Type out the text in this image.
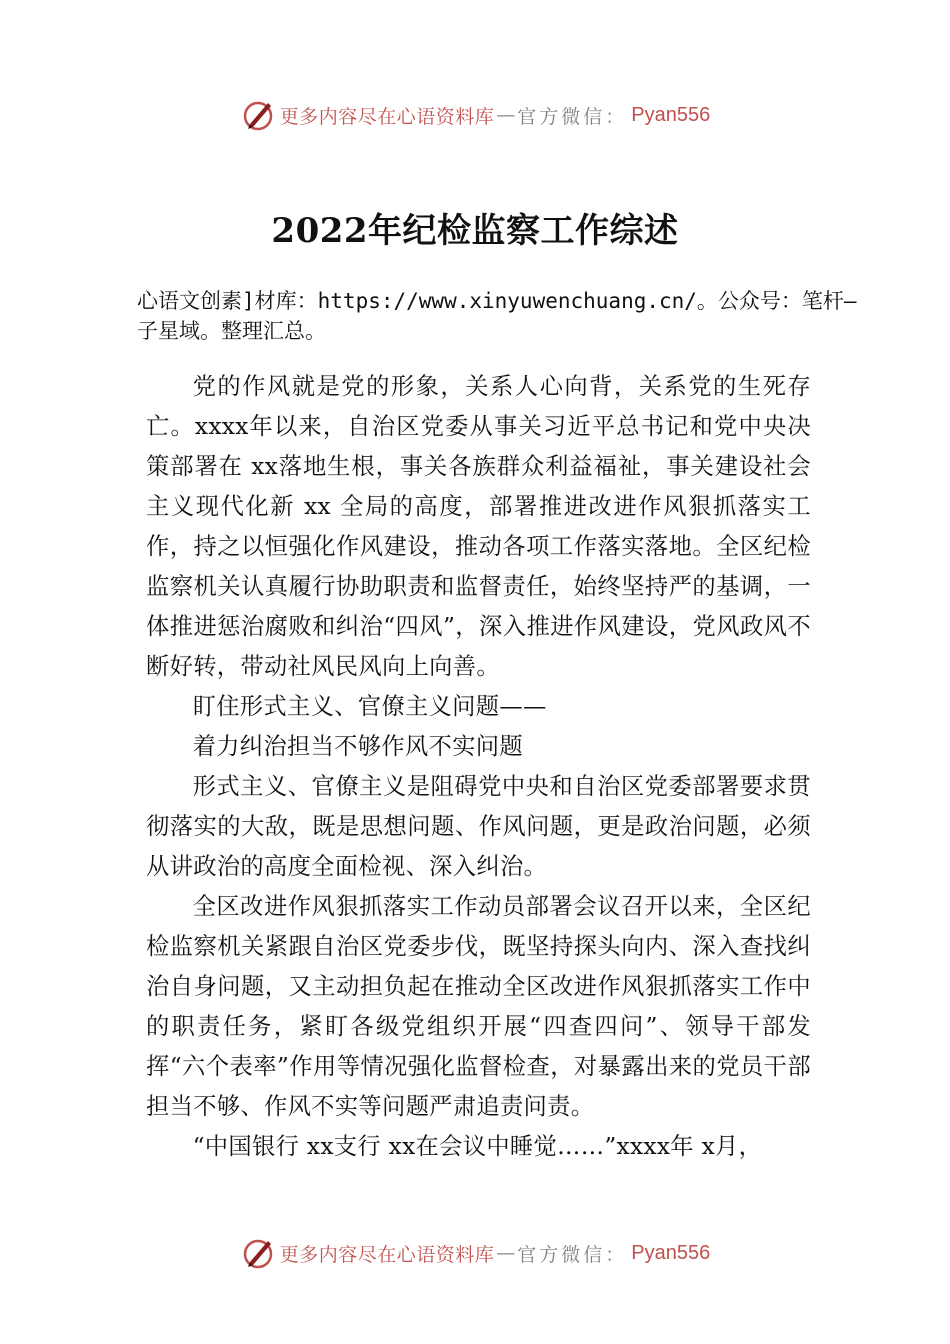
更多内容尽在心语资料库 — 官方微信： Pyan556
2022年纪检监察工作综述
心语文创素]材库：https://www.xinyuwenchuang.cn/。公众号：笔杆—子星域。整理汇总。

党的作风就是党的形象，关系人心向背，关系党的生死存亡。xxxx年以来，自治区党委从事关习近平总书记和党中央决策部署在 xx落地生根，事关各族群众利益福祉，事关建设社会主义现代化新 xx 全局的高度，部署推进改进作风狠抓落实工作，持之以恒强化作风建设，推动各项工作落实落地。全区纪检监察机关认真履行协助职责和监督责任，始终坚持严的基调，一体推进惩治腐败和纠治“四风”，深入推进作风建设，党风政风不断好转，带动社风民风向上向善。

盯住形式主义、官僚主义问题——

着力纠治担当不够作风不实问题

形式主义、官僚主义是阻碍党中央和自治区党委部署要求贯彻落实的大敌，既是思想问题、作风问题，更是政治问题，必须从讲政治的高度全面检视、深入纠治。

全区改进作风狠抓落实工作动员部署会议召开以来，全区纪检监察机关紧跟自治区党委步伐，既坚持探头向内、深入查找纠治自身问题，又主动担负起在推动全区改进作风狠抓落实工作中的职责任务，紧盯各级党组织开展“四查四问”、领导干部发挥“六个表率”作用等情况强化监督检查，对暴露出来的党员干部担当不够、作风不实等问题严肃追责问责。

“中国银行 xx支行 xx在会议中睡觉……”xxxx年 x月，

更多内容尽在心语资料库 — 官方微信： Pyan556
